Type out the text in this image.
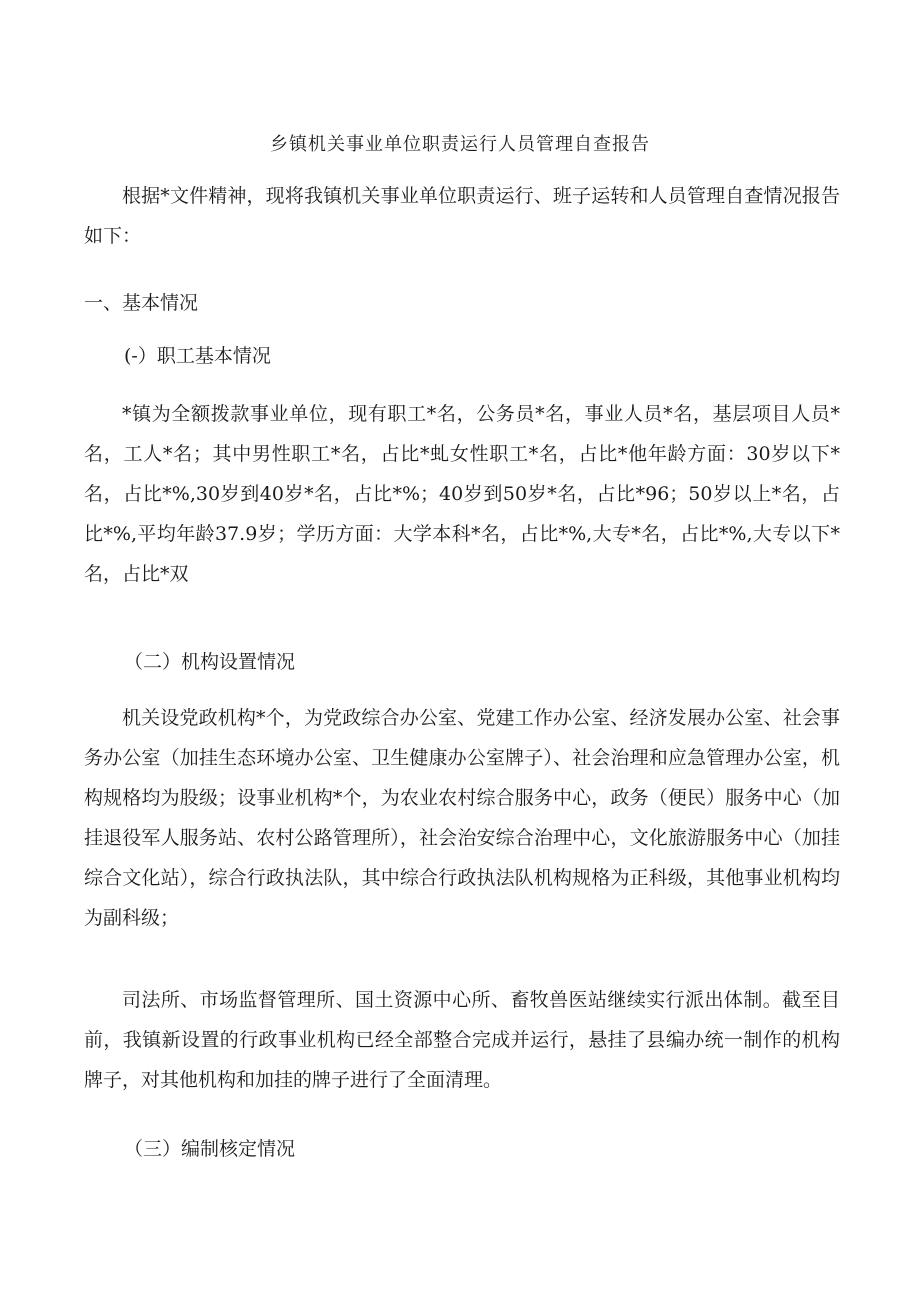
乡镇机关事业单位职责运行人员管理自查报告

根据*文件精神，现将我镇机关事业单位职责运行、班子运转和人员管理自查情况报告如下：

一、基本情况

(-）职工基本情况

*镇为全额拨款事业单位，现有职工*名，公务员*名，事业人员*名，基层项目人员*名，工人*名；其中男性职工*名，占比*虬女性职工*名，占比*他年龄方面：30岁以下*名，占比*%,30岁到40岁*名，占比*%；40岁到50岁*名，占比*96；50岁以上*名，占比*%,平均年龄37.9岁；学历方面：大学本科*名，占比*%,大专*名，占比*%,大专以下*名，占比*双

（二）机构设置情况

机关设党政机构*个，为党政综合办公室、党建工作办公室、经济发展办公室、社会事务办公室（加挂生态环境办公室、卫生健康办公室牌子）、社会治理和应急管理办公室，机构规格均为股级；设事业机构*个，为农业农村综合服务中心，政务（便民）服务中心（加挂退役军人服务站、农村公路管理所），社会治安综合治理中心，文化旅游服务中心（加挂综合文化站），综合行政执法队，其中综合行政执法队机构规格为正科级，其他事业机构均为副科级；

司法所、市场监督管理所、国土资源中心所、畜牧兽医站继续实行派出体制。截至目前，我镇新设置的行政事业机构已经全部整合完成并运行，悬挂了县编办统一制作的机构牌子，对其他机构和加挂的牌子进行了全面清理。

（三）编制核定情况
